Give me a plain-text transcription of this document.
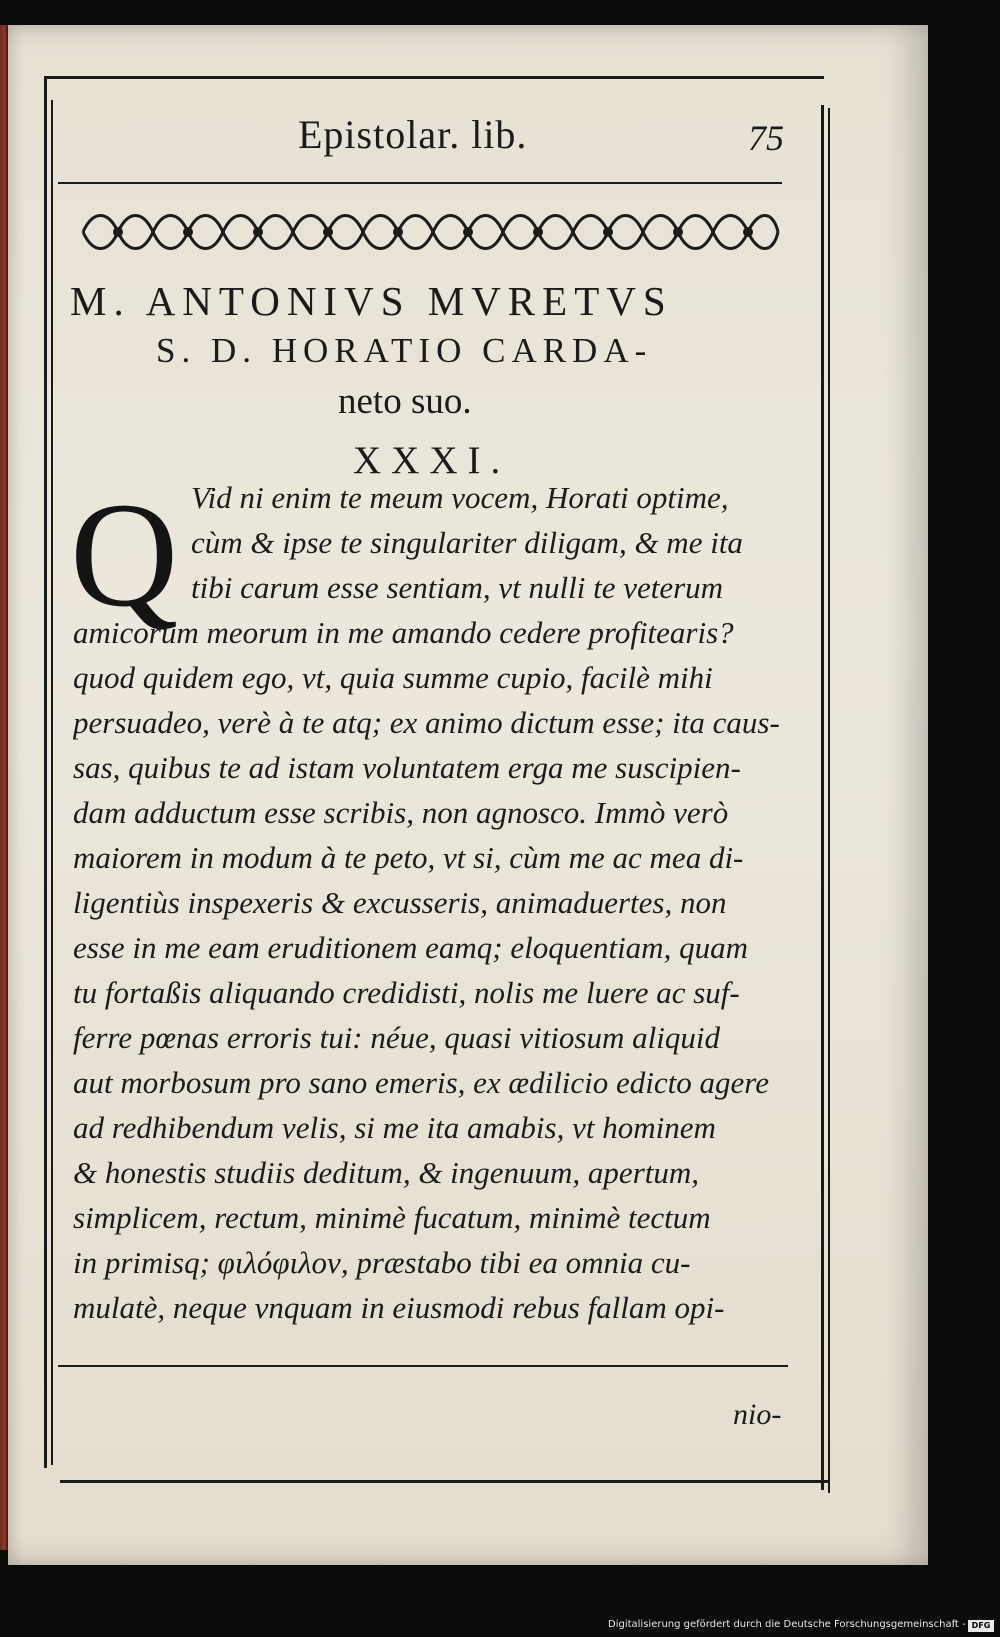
Epistolar. lib.	75
M. ANTONIVS MVRETVS
S. D. HORATIO CARDA-
neto suo.
XXXI.
Q Vid ni enim te meum vocem, Horati optime,
cùm & ipse te singulariter diligam, & me ita
tibi carum esse sentiam, vt nulli te veterum
amicorum meorum in me amando cedere profitearis?
quod quidem ego, vt, quia summe cupio, facilè mihi
persuadeo, verè à te atq; ex animo dictum esse; ita caus-
sas, quibus te ad istam voluntatem erga me suscipien-
dam adductum esse scribis, non agnosco. Immò verò
maiorem in modum à te peto, vt si, cùm me ac mea di-
ligentiùs inspexeris & excusseris, animaduertes, non
esse in me eam eruditionem eamq; eloquentiam, quam
tu fortaßis aliquando credidisti, nolis me luere ac suf-
ferre pœnas erroris tui: néue, quasi vitiosum aliquid
aut morbosum pro sano emeris, ex ædilicio edicto agere
ad redhibendum velis, si me ita amabis, vt hominem
& honestis studiis deditum, & ingenuum, apertum,
simplicem, rectum, minimè fucatum, minimè tectum
in primisq; φιλόφιλον, præstabo tibi ea omnia cu-
mulatè, neque vnquam in eiusmodi rebus fallam opi-
nio-
Digitalisierung gefördert durch die Deutsche Forschungsgemeinschaft - DFG
